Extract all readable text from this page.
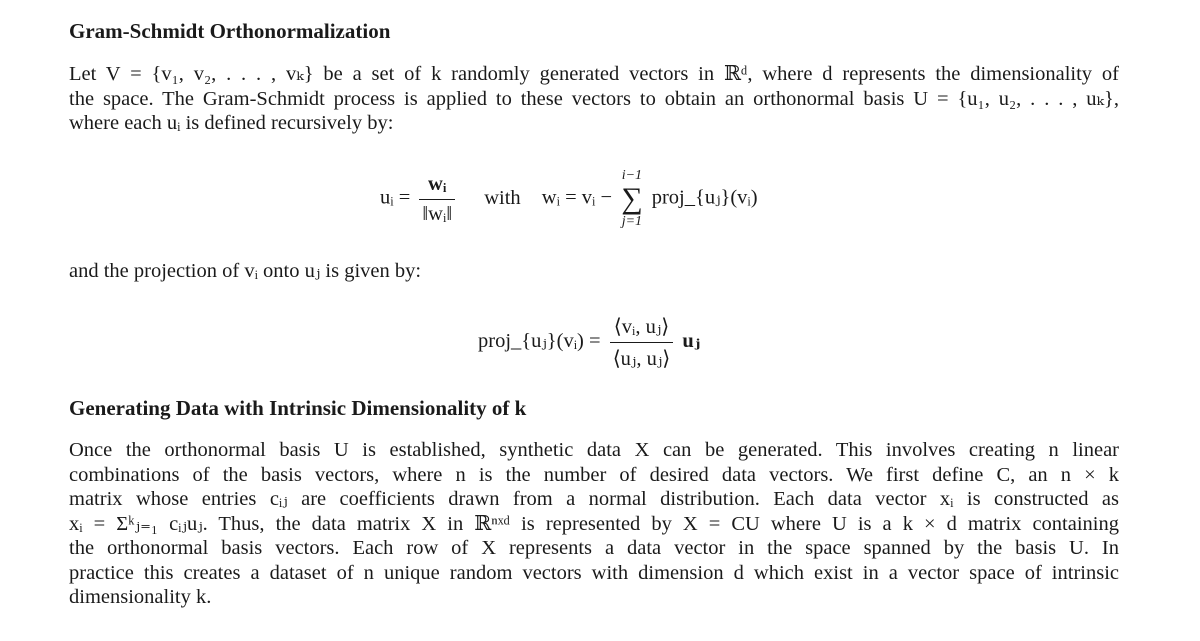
Gram-Schmidt Orthonormalization
Let V = {v₁, v₂, . . . , vₖ} be a set of k randomly generated vectors in ℝᵈ, where d represents the dimensionality of
the space. The Gram-Schmidt process is applied to these vectors to obtain an orthonormal basis U = {u₁, u₂, . . . , uₖ},
where each uᵢ is defined recursively by:
uᵢ = $\frac{\text{wᵢ}}{\text{‖wᵢ‖}}$ with wᵢ = vᵢ −
i−1
∑
j=1
proj_{uⱼ}(vᵢ)
and the projection of vᵢ onto uⱼ is given by:
proj_{uⱼ}(vᵢ) = $\frac{\text{⟨vᵢ, uⱼ⟩}}{\text{⟨uⱼ, uⱼ⟩}}$ uⱼ
Generating Data with Intrinsic Dimensionality of k
Once the orthonormal basis U is established, synthetic data X can be generated. This involves creating n linear
combinations of the basis vectors, where n is the number of desired data vectors. We first define C, an n × k
matrix whose entries cᵢⱼ are coefficients drawn from a normal distribution. Each data vector xᵢ is constructed as
xᵢ = Σᵏⱼ₌₁ cᵢⱼuⱼ. Thus, the data matrix X in ℝⁿˣᵈ is represented by X = CU where U is a k × d matrix containing
the orthonormal basis vectors. Each row of X represents a data vector in the space spanned by the basis U. In
practice this creates a dataset of n unique random vectors with dimension d which exist in a vector space of intrinsic
dimensionality k.
